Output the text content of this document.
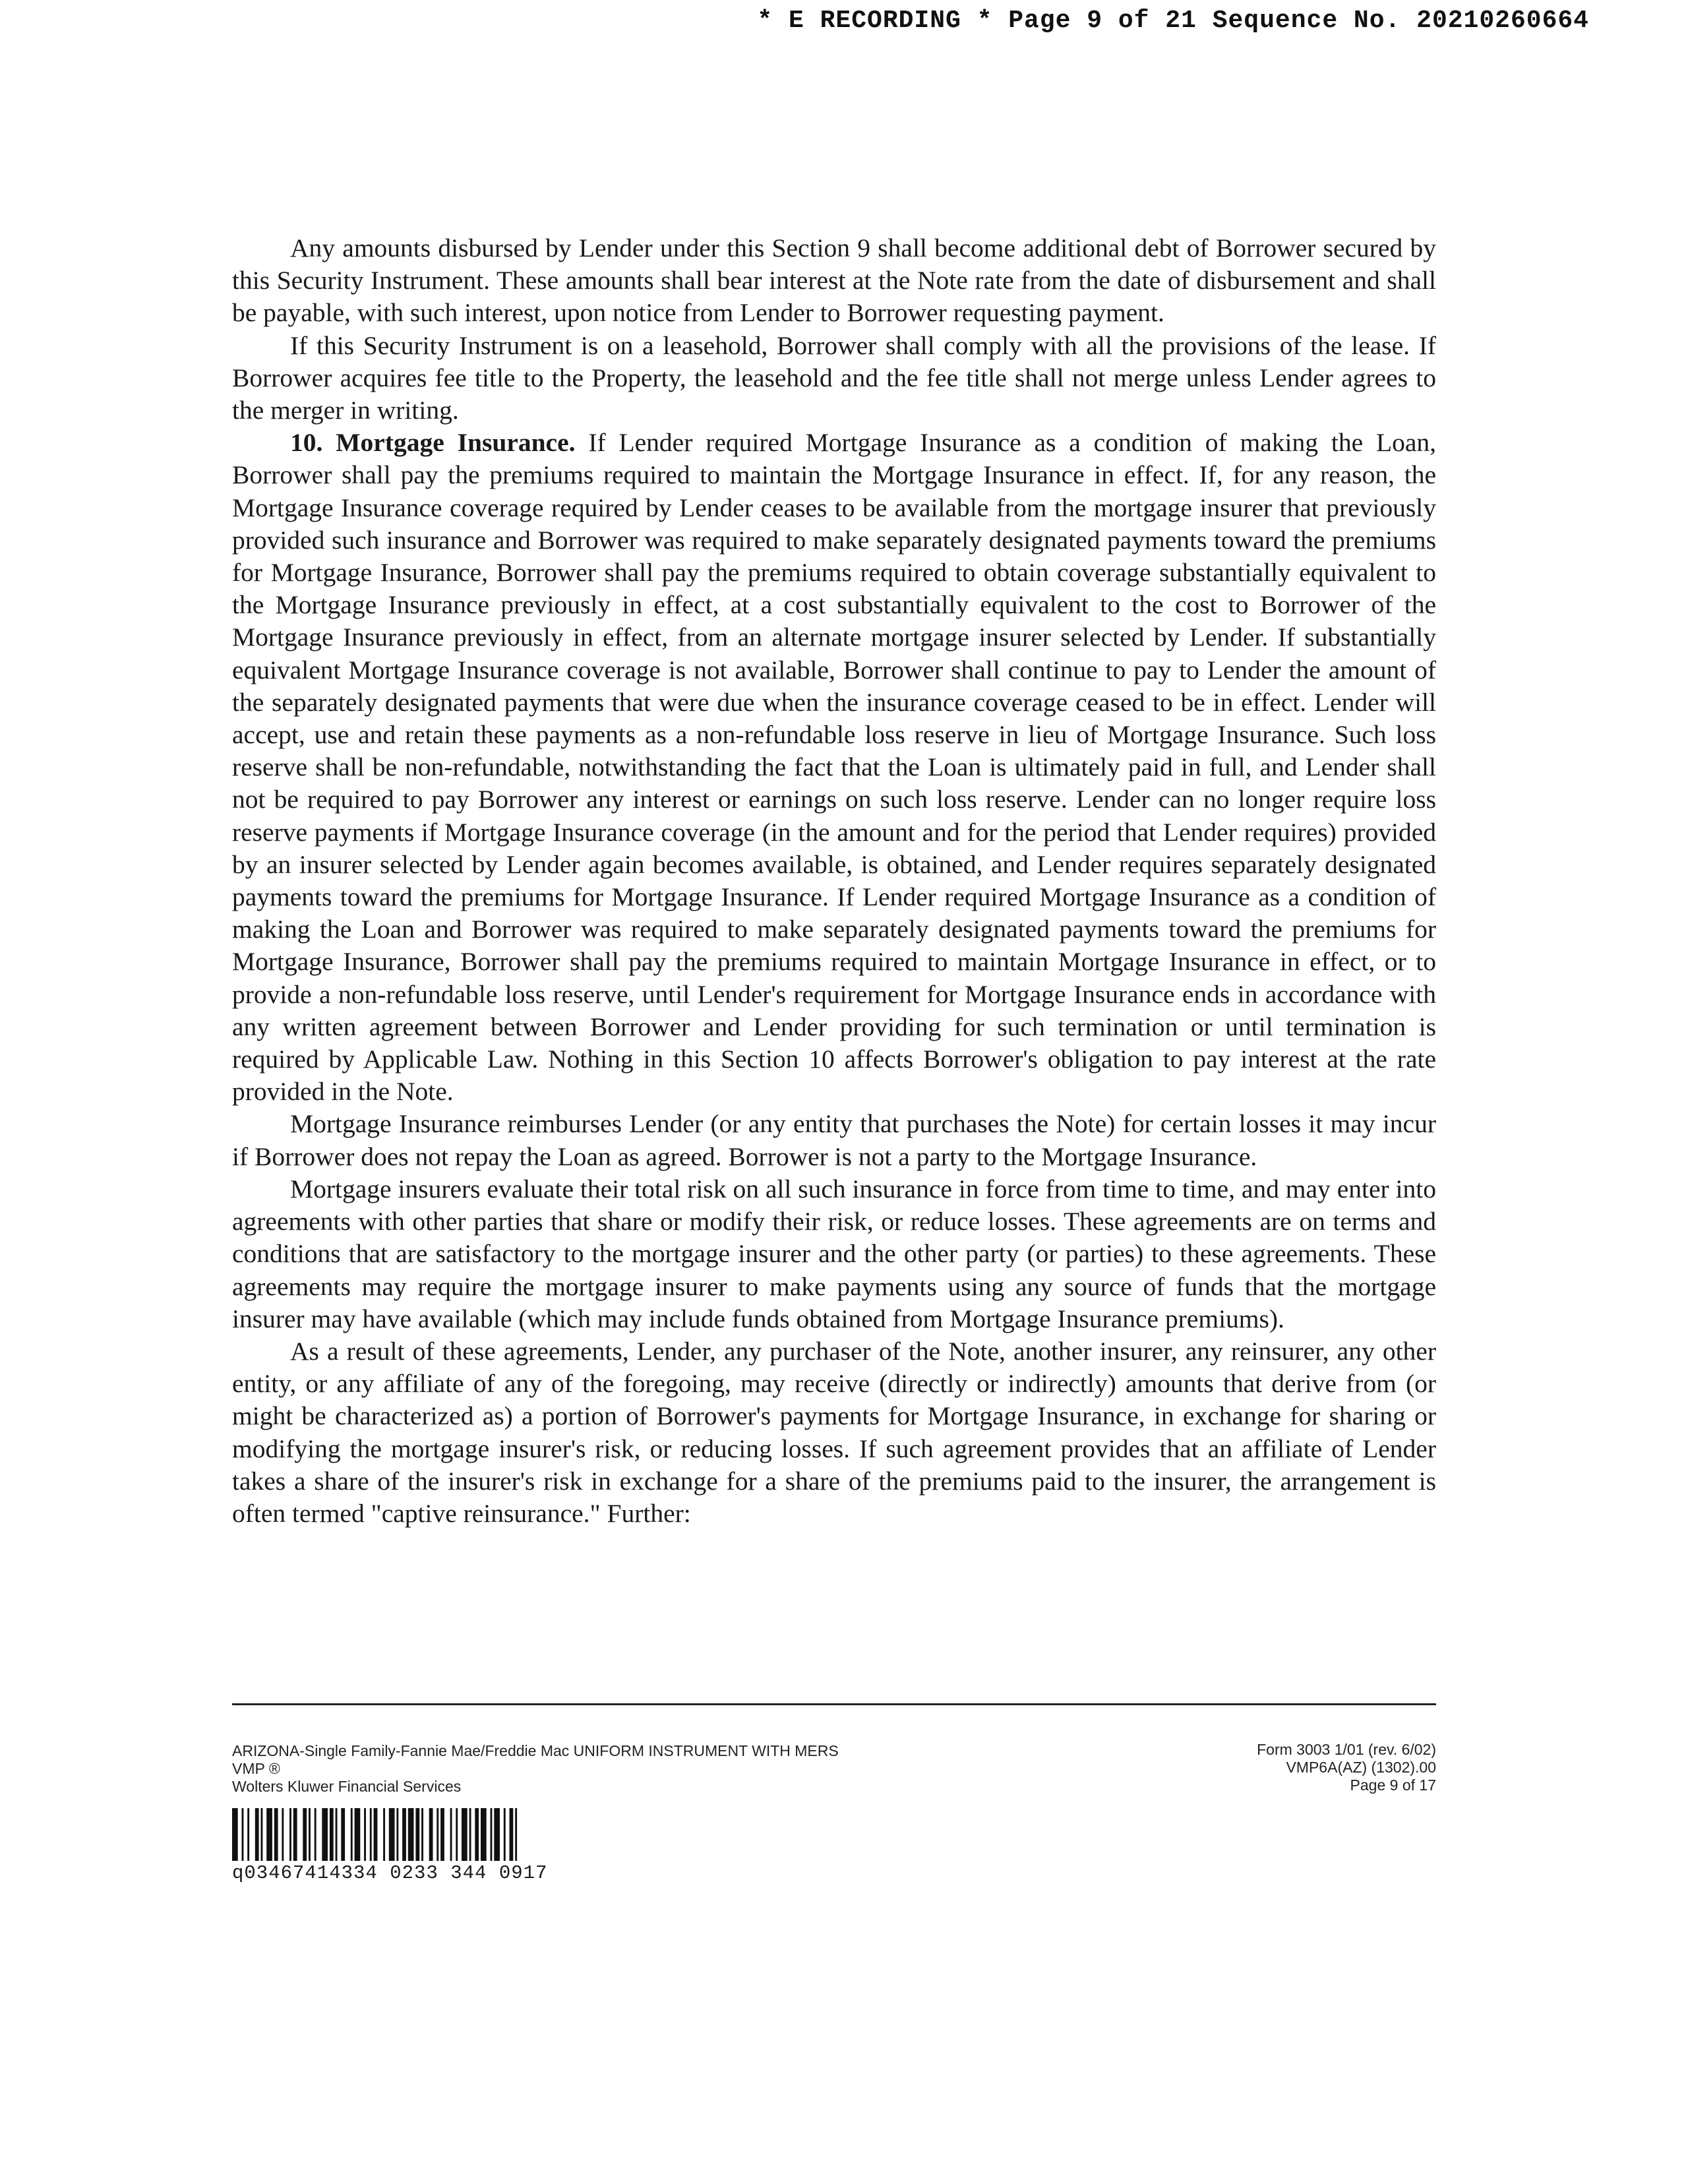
* E RECORDING * Page 9 of 21 Sequence No. 20210260664

Any amounts disbursed by Lender under this Section 9 shall become additional debt of Borrower secured by this Security Instrument. These amounts shall bear interest at the Note rate from the date of disbursement and shall be payable, with such interest, upon notice from Lender to Borrower requesting payment.

If this Security Instrument is on a leasehold, Borrower shall comply with all the provisions of the lease. If Borrower acquires fee title to the Property, the leasehold and the fee title shall not merge unless Lender agrees to the merger in writing.

10. Mortgage Insurance. If Lender required Mortgage Insurance as a condition of making the Loan, Borrower shall pay the premiums required to maintain the Mortgage Insurance in effect. If, for any reason, the Mortgage Insurance coverage required by Lender ceases to be available from the mortgage insurer that previously provided such insurance and Borrower was required to make separately designated payments toward the premiums for Mortgage Insurance, Borrower shall pay the premiums required to obtain coverage substantially equivalent to the Mortgage Insurance previously in effect, at a cost substantially equivalent to the cost to Borrower of the Mortgage Insurance previously in effect, from an alternate mortgage insurer selected by Lender. If substantially equivalent Mortgage Insurance coverage is not available, Borrower shall continue to pay to Lender the amount of the separately designated payments that were due when the insurance coverage ceased to be in effect. Lender will accept, use and retain these payments as a non-refundable loss reserve in lieu of Mortgage Insurance. Such loss reserve shall be non-refundable, notwithstanding the fact that the Loan is ultimately paid in full, and Lender shall not be required to pay Borrower any interest or earnings on such loss reserve. Lender can no longer require loss reserve payments if Mortgage Insurance coverage (in the amount and for the period that Lender requires) provided by an insurer selected by Lender again becomes available, is obtained, and Lender requires separately designated payments toward the premiums for Mortgage Insurance. If Lender required Mortgage Insurance as a condition of making the Loan and Borrower was required to make separately designated payments toward the premiums for Mortgage Insurance, Borrower shall pay the premiums required to maintain Mortgage Insurance in effect, or to provide a non-refundable loss reserve, until Lender's requirement for Mortgage Insurance ends in accordance with any written agreement between Borrower and Lender providing for such termination or until termination is required by Applicable Law. Nothing in this Section 10 affects Borrower's obligation to pay interest at the rate provided in the Note.

Mortgage Insurance reimburses Lender (or any entity that purchases the Note) for certain losses it may incur if Borrower does not repay the Loan as agreed. Borrower is not a party to the Mortgage Insurance.

Mortgage insurers evaluate their total risk on all such insurance in force from time to time, and may enter into agreements with other parties that share or modify their risk, or reduce losses. These agreements are on terms and conditions that are satisfactory to the mortgage insurer and the other party (or parties) to these agreements. These agreements may require the mortgage insurer to make payments using any source of funds that the mortgage insurer may have available (which may include funds obtained from Mortgage Insurance premiums).

As a result of these agreements, Lender, any purchaser of the Note, another insurer, any reinsurer, any other entity, or any affiliate of any of the foregoing, may receive (directly or indirectly) amounts that derive from (or might be characterized as) a portion of Borrower's payments for Mortgage Insurance, in exchange for sharing or modifying the mortgage insurer's risk, or reducing losses. If such agreement provides that an affiliate of Lender takes a share of the insurer's risk in exchange for a share of the premiums paid to the insurer, the arrangement is often termed "captive reinsurance." Further:

ARIZONA-Single Family-Fannie Mae/Freddie Mac UNIFORM INSTRUMENT WITH MERS
VMP ®
Wolters Kluwer Financial Services
Form 3003 1/01 (rev. 6/02)
VMP6A(AZ) (1302).00
Page 9 of 17
q03467414334 0233 344 0917
